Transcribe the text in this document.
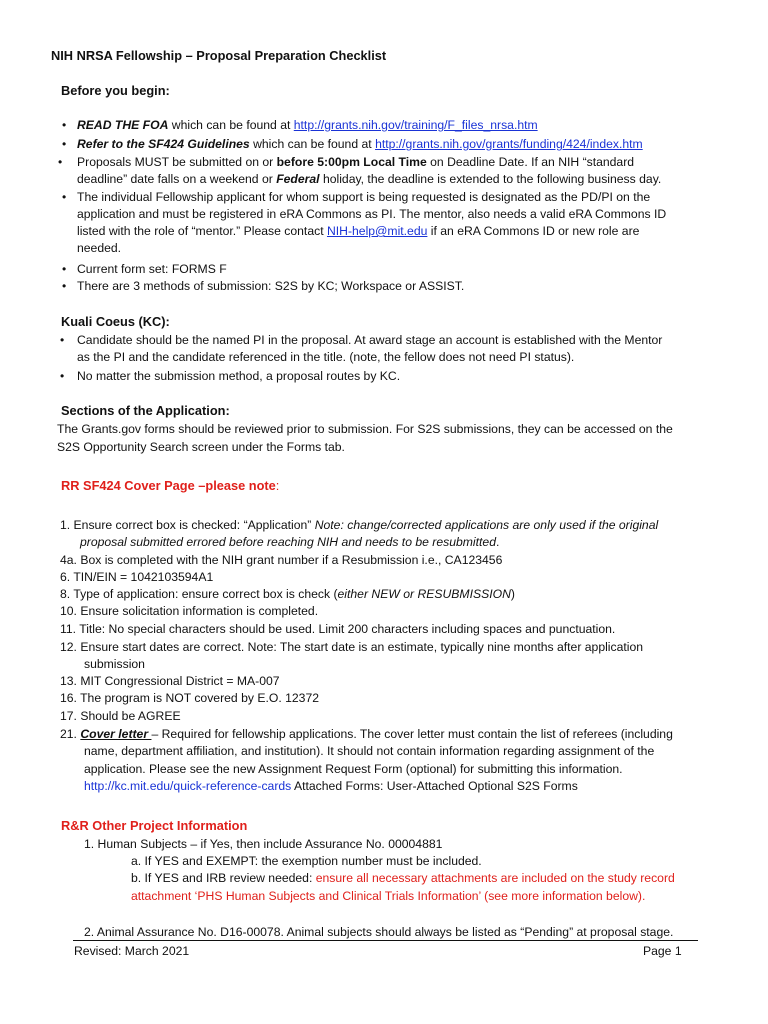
NIH NRSA Fellowship – Proposal Preparation Checklist
Before you begin:
• READ THE FOA which can be found at http://grants.nih.gov/training/F_files_nrsa.htm
• Refer to the SF424 Guidelines which can be found at http://grants.nih.gov/grants/funding/424/index.htm
• Proposals MUST be submitted on or before 5:00pm Local Time on Deadline Date. If an NIH “standard
deadline” date falls on a weekend or Federal holiday, the deadline is extended to the following business day.
• The individual Fellowship applicant for whom support is being requested is designated as the PD/PI on the
application and must be registered in eRA Commons as PI. The mentor, also needs a valid eRA Commons ID
listed with the role of “mentor.” Please contact NIH-help@mit.edu if an eRA Commons ID or new role are
needed.
• Current form set: FORMS F
• There are 3 methods of submission: S2S by KC; Workspace or ASSIST.
Kuali Coeus (KC):
• Candidate should be the named PI in the proposal. At award stage an account is established with the Mentor
as the PI and the candidate referenced in the title. (note, the fellow does not need PI status).
• No matter the submission method, a proposal routes by KC.
Sections of the Application:
The Grants.gov forms should be reviewed prior to submission. For S2S submissions, they can be accessed on the
S2S Opportunity Search screen under the Forms tab.
RR SF424 Cover Page –please note:
1. Ensure correct box is checked: “Application” Note: change/corrected applications are only used if the original
proposal submitted errored before reaching NIH and needs to be resubmitted.
4a. Box is completed with the NIH grant number if a Resubmission i.e., CA123456
6. TIN/EIN = 1042103594A1
8. Type of application: ensure correct box is check (either NEW or RESUBMISSION)
10. Ensure solicitation information is completed.
11. Title: No special characters should be used. Limit 200 characters including spaces and punctuation.
12. Ensure start dates are correct. Note: The start date is an estimate, typically nine months after application
submission
13. MIT Congressional District = MA-007
16. The program is NOT covered by E.O. 12372
17. Should be AGREE
21. Cover letter – Required for fellowship applications. The cover letter must contain the list of referees (including
name, department affiliation, and institution). It should not contain information regarding assignment of the
application. Please see the new Assignment Request Form (optional) for submitting this information.
http://kc.mit.edu/quick-reference-cards Attached Forms: User-Attached Optional S2S Forms
R&R Other Project Information
1. Human Subjects – if Yes, then include Assurance No. 00004881
a. If YES and EXEMPT: the exemption number must be included.
b. If YES and IRB review needed: ensure all necessary attachments are included on the study record
attachment ‘PHS Human Subjects and Clinical Trials Information’ (see more information below).
2. Animal Assurance No. D16-00078. Animal subjects should always be listed as “Pending” at proposal stage.
Revised: March 2021	Page 1
